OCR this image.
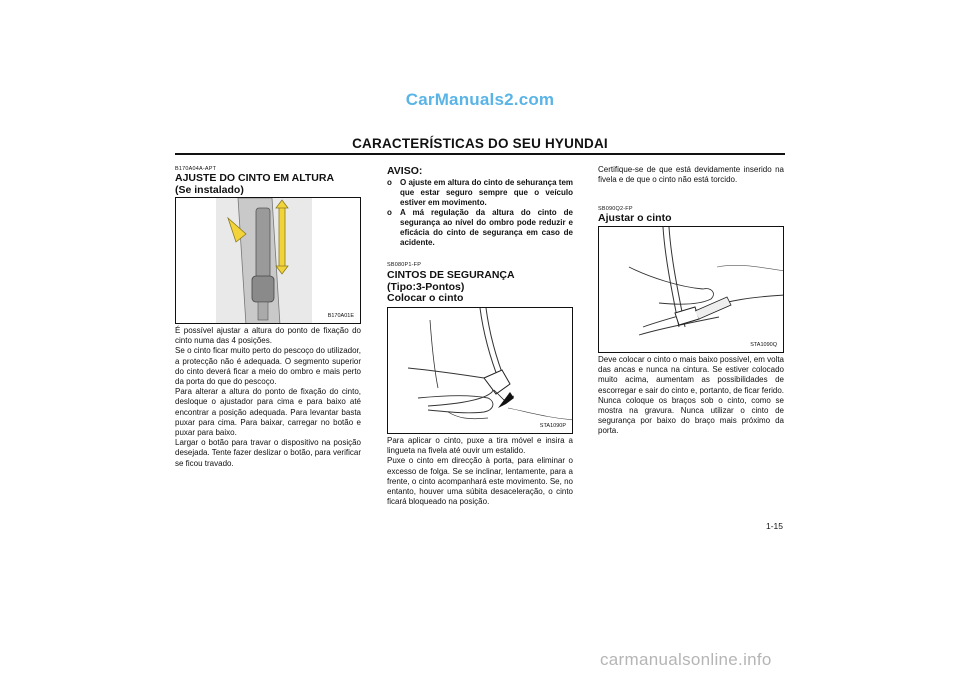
CarManuals2.com
CARACTERÍSTICAS DO SEU HYUNDAI
B170A04A-APT
AJUSTE DO CINTO EM ALTURA
(Se instalado)
B170A01E
É possível ajustar a altura do ponto de fixação do cinto numa das 4 posições.
Se o cinto ficar muito perto do pescoço do utilizador, a protecção não é adequada. O segmento superior do cinto deverá ficar a meio do ombro e mais perto da porta do que do pescoço.
Para alterar a altura do ponto de fixação do cinto, desloque o ajustador para cima e para baixo até encontrar a posição adequada. Para levantar basta puxar para cima. Para baixar, carregar no botão e puxar para baixo.
Largar o botão para travar o dispositivo na posição desejada. Tente fazer deslizar o botão, para verificar se ficou travado.
AVISO:
o O ajuste em altura do cinto de sehurança tem que estar seguro sempre que o veículo estiver em movimento.
o A má regulação da altura do cinto de segurança ao nível do ombro pode reduzir e eficácia do cinto de segurança em caso de acidente.
SB080P1-FP
CINTOS DE SEGURANÇA
(Tipo:3-Pontos)
Colocar o cinto
STA1090P
Para aplicar o cinto, puxe a tira móvel e insira a lingueta na fivela até ouvir um estalido.
Puxe o cinto em direcção à porta, para eliminar o excesso de folga. Se se inclinar, lentamente, para a frente, o cinto acompanhará este movimento. Se, no entanto, houver uma súbita desaceleração, o cinto ficará bloqueado na posição.
Certifique-se de que está devidamente inserido na fivela e de que o cinto não está torcido.
SB090Q2-FP
Ajustar o cinto
STA1090Q
Deve colocar o cinto o mais baixo possível, em volta das ancas e nunca na cintura. Se estiver colocado muito acima, aumentam as possibilidades de escorregar e sair do cinto e, portanto, de ficar ferido. Nunca coloque os braços sob o cinto, como se mostra na gravura. Nunca utilizar o cinto de segurança por baixo do braço mais próximo da porta.
1-15
carmanualsonline.info
